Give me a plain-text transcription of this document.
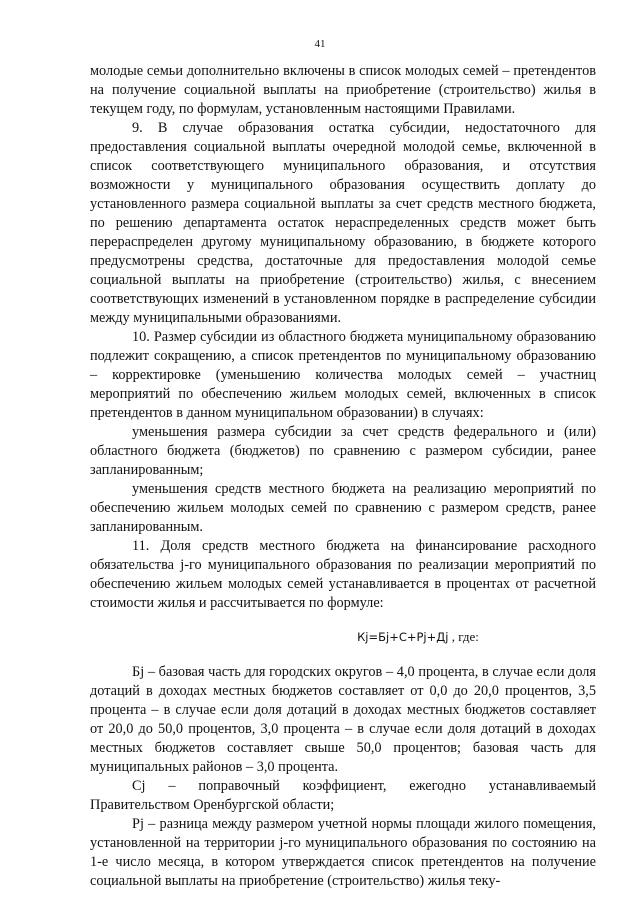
41

молодые семьи дополнительно включены в список молодых семей – претендентов на получение социальной выплаты на приобретение (строительство) жилья в текущем году, по формулам, установленным настоящими Правилами.

9. В случае образования остатка субсидии, недостаточного для предоставления социальной выплаты очередной молодой семье, включенной в список соответствующего муниципального образования, и отсутствия возможности у муниципального образования осуществить доплату до установленного размера социальной выплаты за счет средств местного бюджета, по решению департамента остаток нераспределенных средств может быть перераспределен другому муниципальному образованию, в бюджете которого предусмотрены средства, достаточные для предоставления молодой семье социальной выплаты на приобретение (строительство) жилья, с внесением соответствующих изменений в установленном порядке в распределение субсидии между муниципальными образованиями.

10. Размер субсидии из областного бюджета муниципальному образованию подлежит сокращению, а список претендентов по муниципальному образованию – корректировке (уменьшению количества молодых семей – участниц мероприятий по обеспечению жильем молодых семей, включенных в список претендентов в данном муниципальном образовании) в случаях:

уменьшения размера субсидии за счет средств федерального и (или) областного бюджета (бюджетов) по сравнению с размером субсидии, ранее запланированным;

уменьшения средств местного бюджета на реализацию мероприятий по обеспечению жильем молодых семей по сравнению с размером средств, ранее запланированным.

11. Доля средств местного бюджета на финансирование расходного обязательства j-го муниципального образования по реализации мероприятий по обеспечению жильем молодых семей устанавливается в процентах от расчетной стоимости жилья и рассчитывается по формуле:

Кj=Бj+С+Рj+Дj , где:

Бj – базовая часть для городских округов – 4,0 процента, в случае если доля дотаций в доходах местных бюджетов составляет от 0,0 до 20,0 процентов, 3,5 процента – в случае если доля дотаций в доходах местных бюджетов составляет от 20,0 до 50,0 процентов, 3,0 процента – в случае если доля дотаций в доходах местных бюджетов составляет свыше 50,0 процентов; базовая часть для муниципальных районов – 3,0 процента.

Cj – поправочный коэффициент, ежегодно устанавливаемый Правительством Оренбургской области;

Pj – разница между размером учетной нормы площади жилого помещения, установленной на территории j-го муниципального образования по состоянию на 1-е число месяца, в котором утверждается список претендентов на получение социальной выплаты на приобретение (строительство) жилья теку-
